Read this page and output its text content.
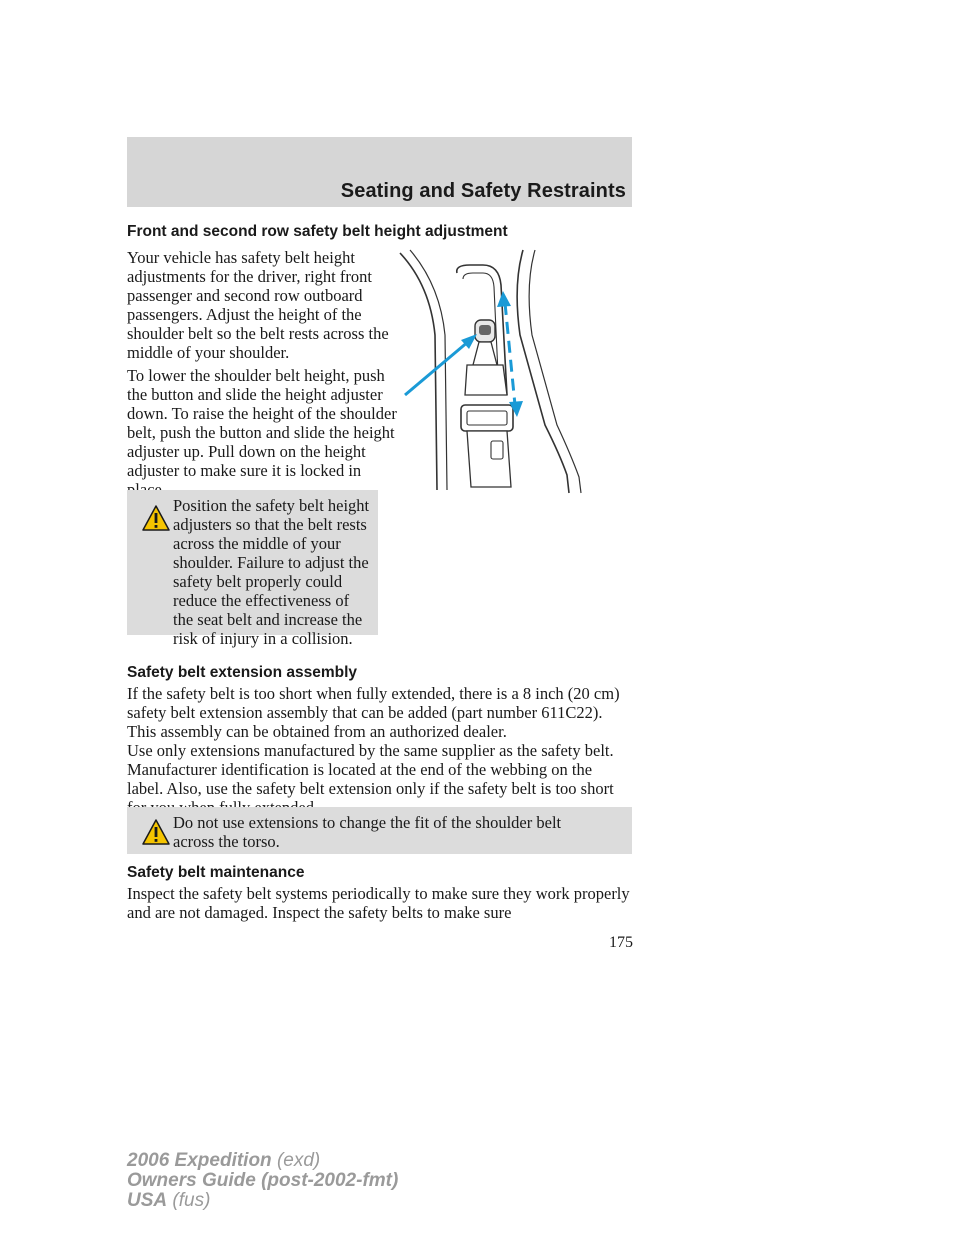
Seating and Safety Restraints
Front and second row safety belt height adjustment

Your vehicle has safety belt height adjustments for the driver, right front passenger and second row outboard passengers. Adjust the height of the shoulder belt so the belt rests across the middle of your shoulder.

To lower the shoulder belt height, push the button and slide the height adjuster down. To raise the height of the shoulder belt, push the button and slide the height adjuster up. Pull down on the height adjuster to make sure it is locked in

Position the safety belt height adjusters so that the belt rests across the middle of your shoulder. Failure to adjust the safety belt properly could reduce the effectiveness of the seat belt and increase the risk of injury in a collision.

Safety belt extension assembly

If the safety belt is too short when fully extended, there is a 8 inch (20 cm) safety belt extension assembly that can be added (part number 611C22). This assembly can be obtained from an authorized dealer.

Use only extensions manufactured by the same supplier as the safety belt. Manufacturer identification is located at the end of the webbing on the label. Also, use the safety belt extension only if the safety belt is too short

Do not use extensions to change the fit of the shoulder belt across the torso.

Safety belt maintenance

Inspect the safety belt systems periodically to make sure they work properly and are not damaged. Inspect the safety belts to make sure

175
2006 Expedition (exd)
Owners Guide (post-2002-fmt)
USA (fus)
